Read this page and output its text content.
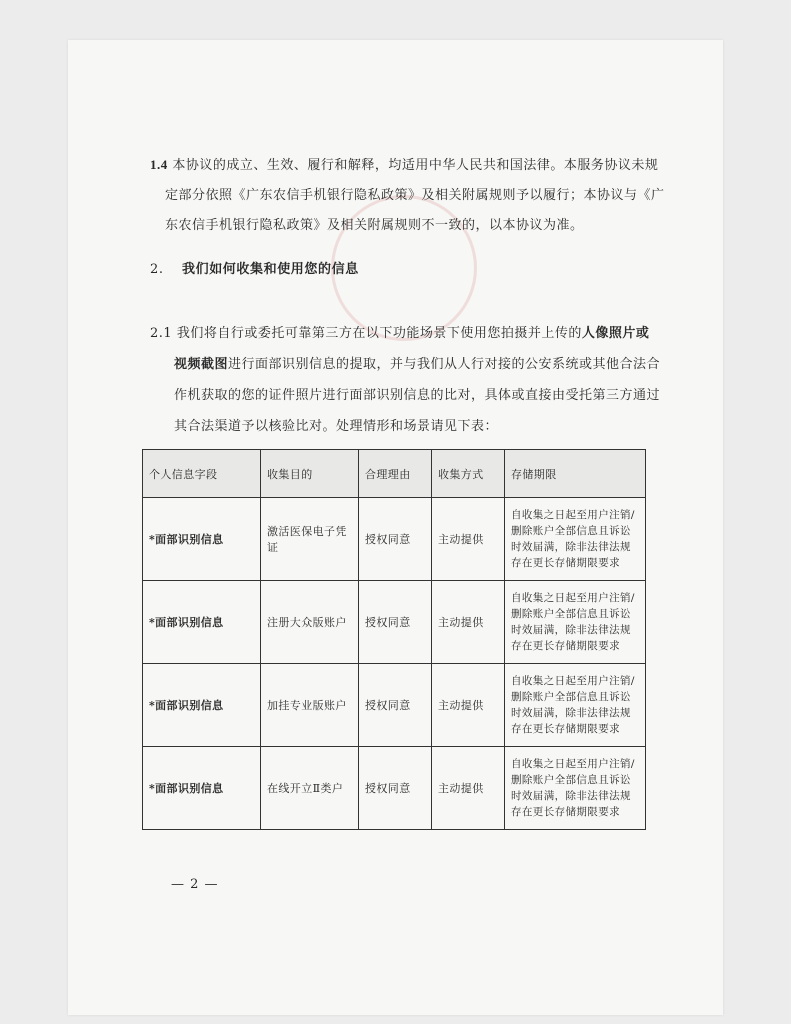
1.4 本协议的成立、生效、履行和解释，均适用中华人民共和国法律。本服务协议未规
定部分依照《广东农信手机银行隐私政策》及相关附属规则予以履行；本协议与《广
东农信手机银行隐私政策》及相关附属规则不一致的，以本协议为准。
2. 我们如何收集和使用您的信息
2.1 我们将自行或委托可靠第三方在以下功能场景下使用您拍摄并上传的人像照片或
视频截图进行面部识别信息的提取，并与我们从人行对接的公安系统或其他合法合
作机获取的您的证件照片进行面部识别信息的比对，具体或直接由受托第三方通过
其合法渠道予以核验比对。处理情形和场景请见下表：
个人信息字段	收集目的	合理理由	收集方式	存储期限
*面部识别信息	激活医保电子凭证	授权同意	主动提供	自收集之日起至用户注销/删除账户全部信息且诉讼时效届满，除非法律法规存在更长存储期限要求
*面部识别信息	注册大众版账户	授权同意	主动提供	自收集之日起至用户注销/删除账户全部信息且诉讼时效届满，除非法律法规存在更长存储期限要求
*面部识别信息	加挂专业版账户	授权同意	主动提供	自收集之日起至用户注销/删除账户全部信息且诉讼时效届满，除非法律法规存在更长存储期限要求
*面部识别信息	在线开立Ⅱ类户	授权同意	主动提供	自收集之日起至用户注销/删除账户全部信息且诉讼时效届满，除非法律法规存在更长存储期限要求
— 2 —
